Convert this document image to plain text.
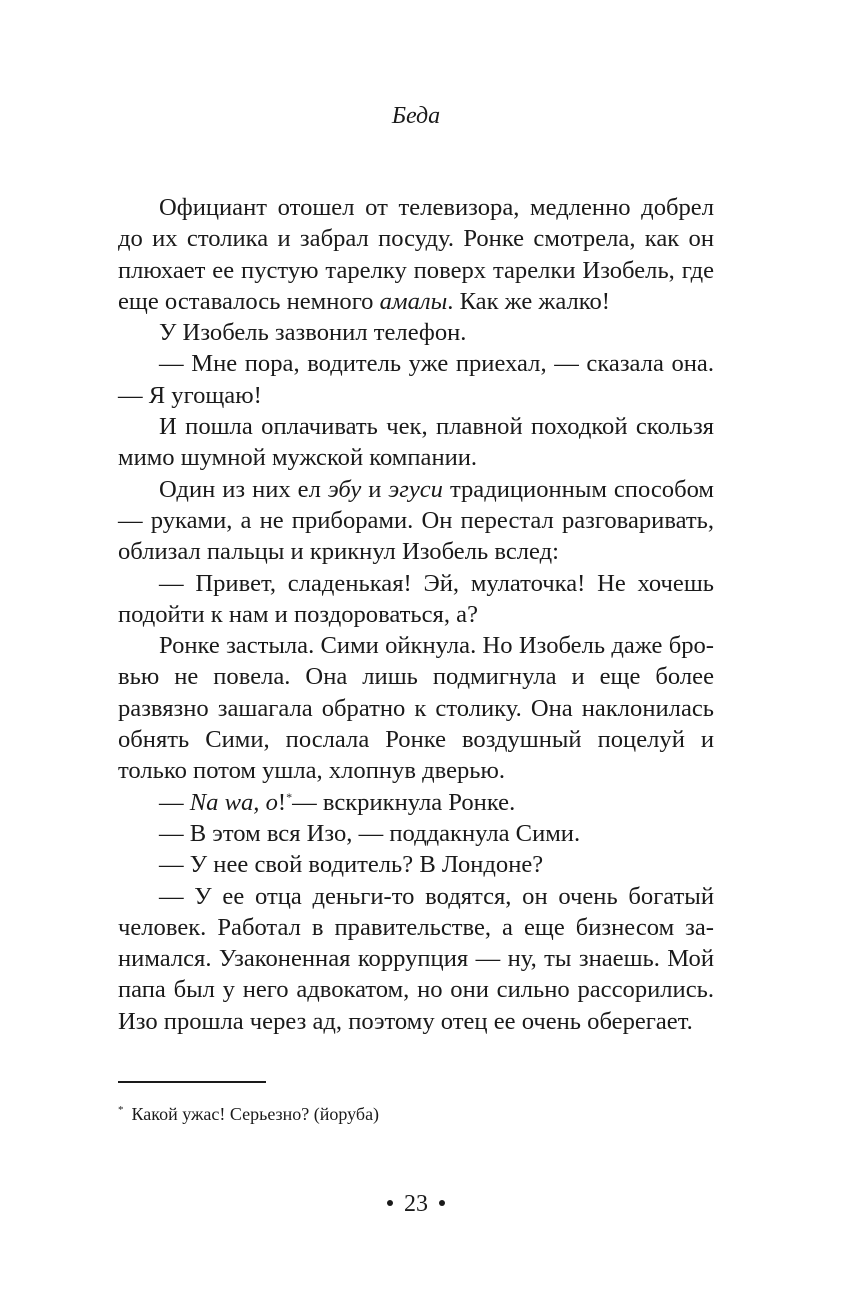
Беда

Официант отошел от телевизора, медленно добрел до их столика и забрал посуду. Ронке смотрела, как он плюхает ее пустую тарелку поверх тарелки Изобель, где еще оставалось немного амалы. Как же жалко!

У Изобель зазвонил телефон.

— Мне пора, водитель уже приехал, — сказала она. — Я угощаю!

И пошла оплачивать чек, плавной походкой скользя мимо шумной мужской компании.

Один из них ел эбу и эгуси традиционным способом — руками, а не приборами. Он перестал разговаривать, облизал пальцы и крикнул Изобель вслед:

— Привет, сладенькая! Эй, мулаточка! Не хочешь подойти к нам и поздороваться, а?

Ронке застыла. Сими ойкнула. Но Изобель даже бровью не повела. Она лишь подмигнула и еще более развязно зашагала обратно к столику. Она наклонилась обнять Сими, послала Ронке воздушный поцелуй и только потом ушла, хлопнув дверью.

— Na wa, o!*— вскрикнула Ронке.

— В этом вся Изо, — поддакнула Сими.

— У нее свой водитель? В Лондоне?

— У ее отца деньги-то водятся, он очень богатый человек. Работал в правительстве, а еще бизнесом занимался. Узаконенная коррупция — ну, ты знаешь. Мой папа был у него адвокатом, но они сильно рассорились. Изо прошла через ад, поэтому отец ее очень оберегает.

* Какой ужас! Серьезно? (йоруба)
23
